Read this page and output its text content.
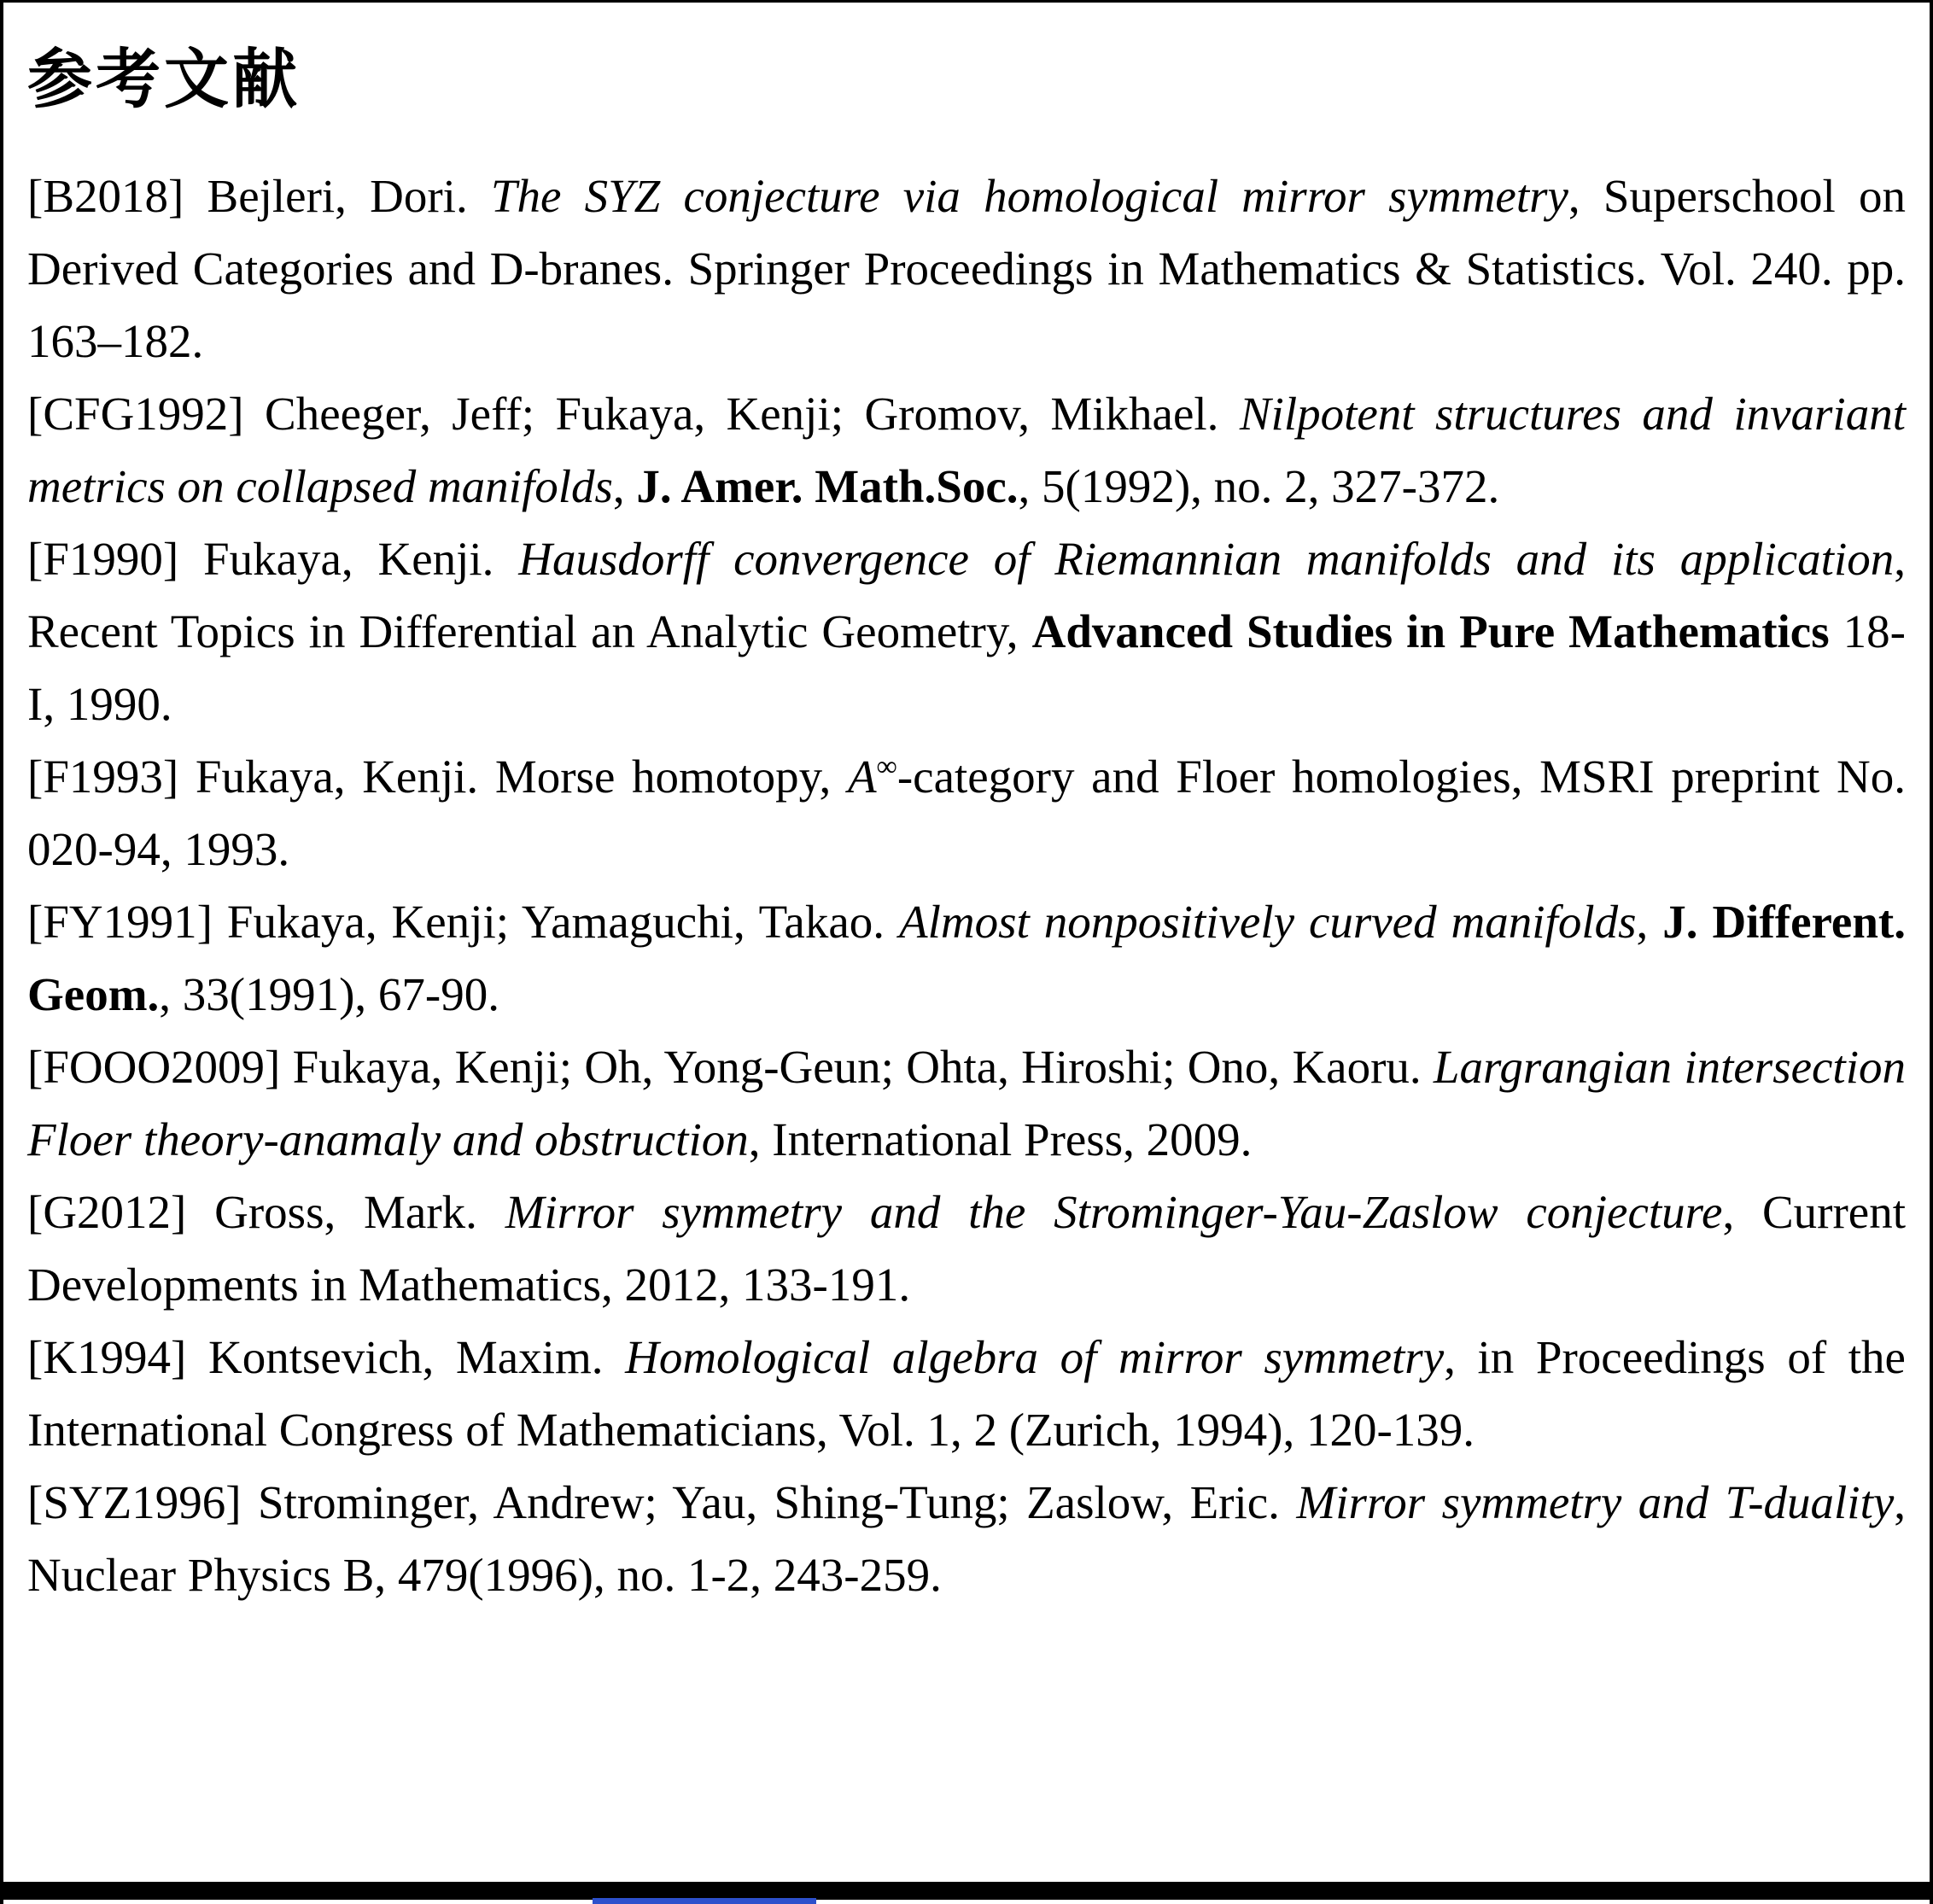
参考文献

[B2018] Bejleri, Dori. The SYZ conjecture via homological mirror symmetry, Superschool on Derived Categories and D-branes. Springer Proceedings in Mathematics & Statistics. Vol. 240. pp. 163–182.

[CFG1992] Cheeger, Jeff; Fukaya, Kenji; Gromov, Mikhael. Nilpotent structures and invariant metrics on collapsed manifolds, J. Amer. Math.Soc., 5(1992), no. 2, 327-372.

[F1990] Fukaya, Kenji. Hausdorff convergence of Riemannian manifolds and its application, Recent Topics in Differential an Analytic Geometry, Advanced Studies in Pure Mathematics 18-I, 1990.

[F1993] Fukaya, Kenji. Morse homotopy, A∞-category and Floer homologies, MSRI preprint No. 020-94, 1993.

[FY1991] Fukaya, Kenji; Yamaguchi, Takao. Almost nonpositively curved manifolds, J. Different. Geom., 33(1991), 67-90.

[FOOO2009] Fukaya, Kenji; Oh, Yong-Geun; Ohta, Hiroshi; Ono, Kaoru. Largrangian intersection Floer theory-anamaly and obstruction, International Press, 2009.

[G2012] Gross, Mark. Mirror symmetry and the Strominger-Yau-Zaslow conjecture, Current Developments in Mathematics, 2012, 133-191.

[K1994] Kontsevich, Maxim. Homological algebra of mirror symmetry, in Proceedings of the International Congress of Mathematicians, Vol. 1, 2 (Zurich, 1994), 120-139.

[SYZ1996] Strominger, Andrew; Yau, Shing-Tung; Zaslow, Eric. Mirror symmetry and T-duality, Nuclear Physics B, 479(1996), no. 1-2, 243-259.
